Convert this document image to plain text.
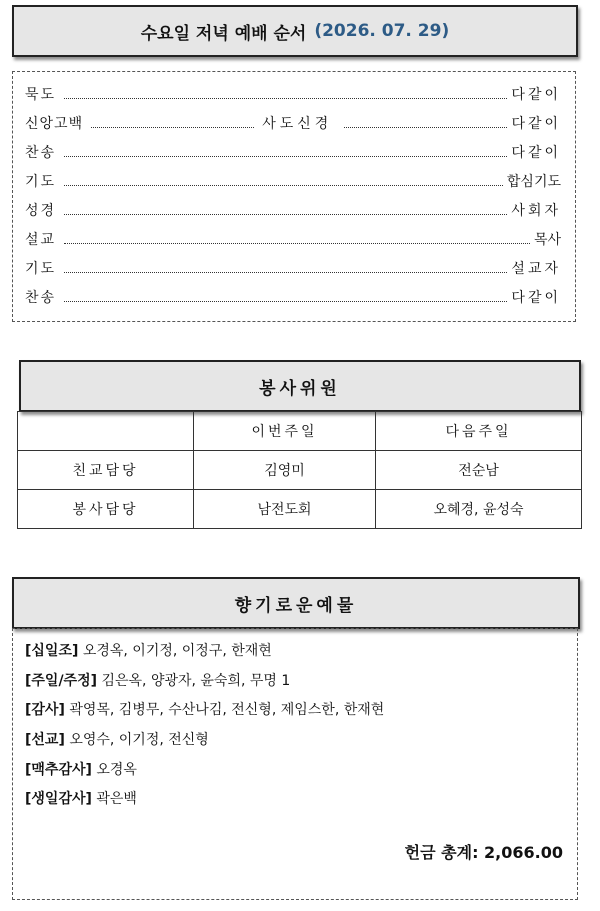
수요일 저녁 예배 순서 (2026. 07. 29)
묵도	다같이
신앙고백	사도신경	다같이
찬송	다같이
기도	합심기도
성경	사회자
설교	목사
기도	설교자
찬송	다같이
봉사위원
	이번주일	다음주일
친교담당	김영미	전순남
봉사담당	남전도회	오혜경, 윤성숙
향기로운예물
[십일조] 오경옥, 이기정, 이정구, 한재현
[주일/주정] 김은옥, 양광자, 윤숙희, 무명 1
[감사] 곽영목, 김병무, 수산나김, 전신형, 제임스한, 한재현
[선교] 오영수, 이기정, 전신형
[맥추감사] 오경옥
[생일감사] 곽은백
헌금 총계: 2,066.00
